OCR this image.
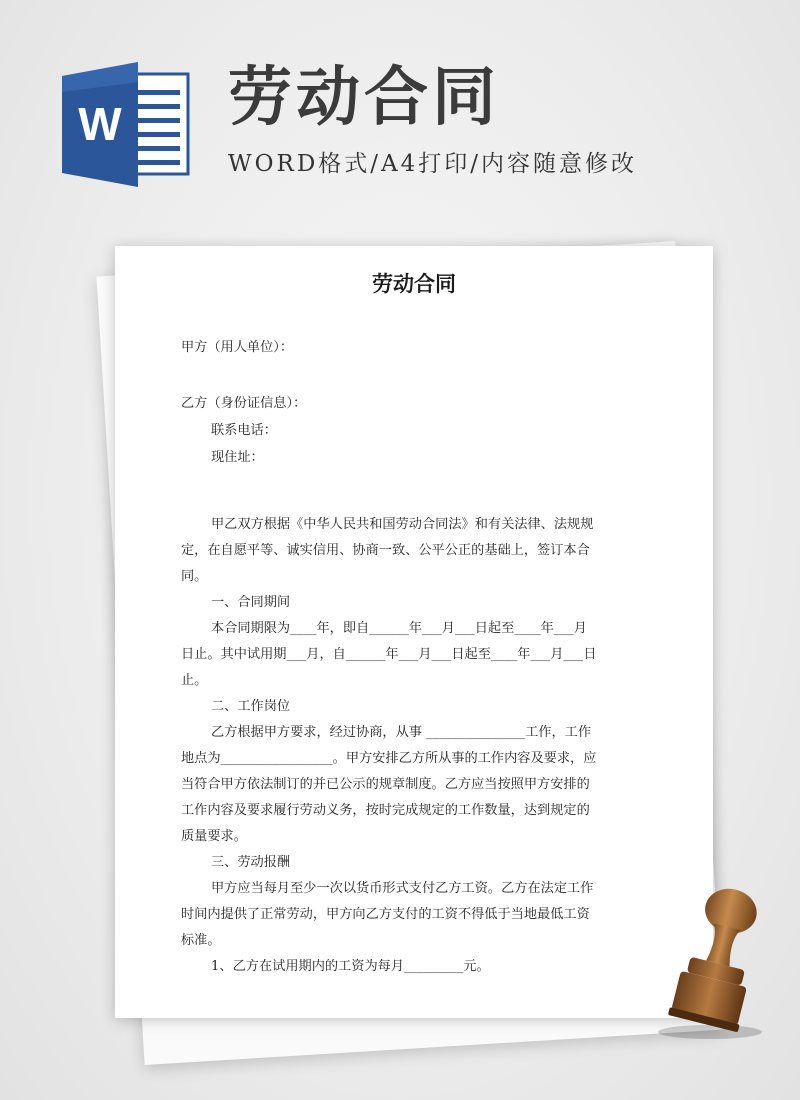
W 劳动合同

WORD格式/A4打印/内容随意修改

劳动合同
甲方（用人单位）：
乙方（身份证信息）：
联系电话：
现住址：
甲乙双方根据《中华人民共和国劳动合同法》和有关法律、法规规
定，在自愿平等、诚实信用、协商一致、公平公正的基础上，签订本合
同。
一、合同期间
本合同期限为____年，即自______年___月___日起至____年___月
日止。其中试用期___月，自______年___月___日起至____年___月___日
止。
二、工作岗位
乙方根据甲方要求，经过协商，从事 _______________工作，工作
地点为_________________。甲方安排乙方所从事的工作内容及要求，应
当符合甲方依法制订的并已公示的规章制度。乙方应当按照甲方安排的
工作内容及要求履行劳动义务，按时完成规定的工作数量，达到规定的
质量要求。
三、劳动报酬
甲方应当每月至少一次以货币形式支付乙方工资。乙方在法定工作
时间内提供了正常劳动，甲方向乙方支付的工资不得低于当地最低工资
标准。
1、乙方在试用期内的工资为每月_________元。
